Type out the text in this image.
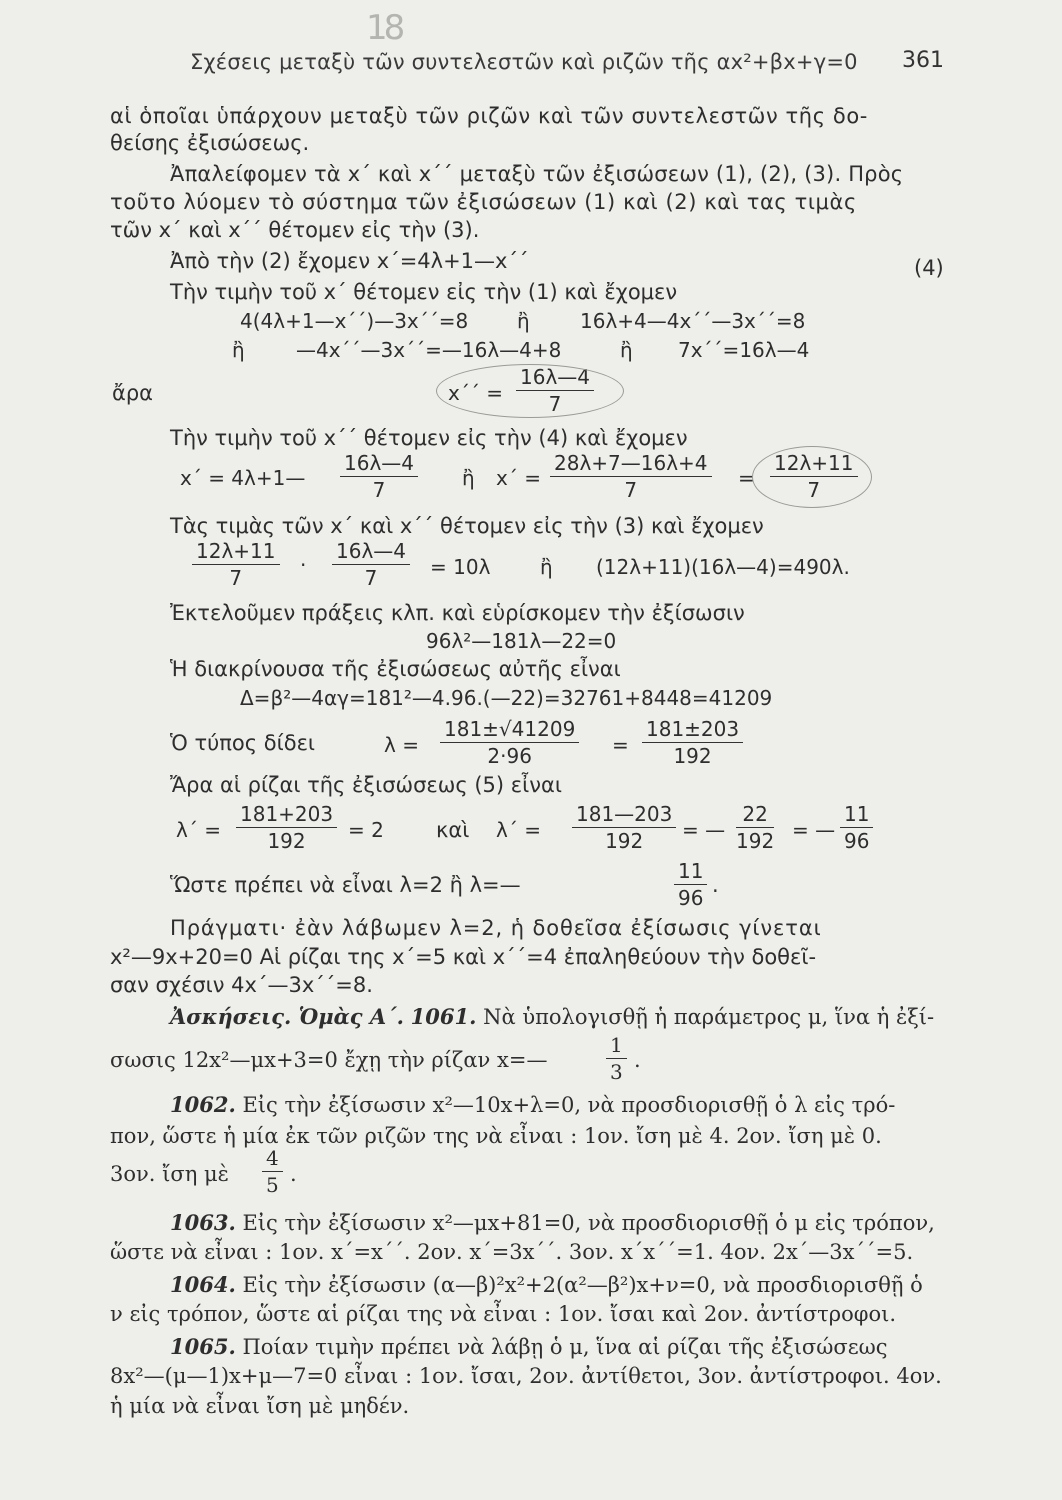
18
Σχέσεις μεταξὺ τῶν συντελεστῶν καὶ ριζῶν τῆς αx²+βx+γ=0 361
αἱ ὁποῖαι ὑπάρχουν μεταξὺ τῶν ριζῶν καὶ τῶν συντελεστῶν τῆς δο-
θείσης ἐξισώσεως.
Ἀπαλείφομεν τὰ x΄ καὶ x΄΄ μεταξὺ τῶν ἐξισώσεων (1), (2), (3). Πρὸς
τοῦτο λύομεν τὸ σύστημα τῶν ἐξισώσεων (1) καὶ (2) καὶ τας τιμὰς
τῶν x΄ καὶ x΄΄ θέτομεν εἰς τὴν (3).
Ἀπὸ τὴν (2) ἔχομεν x΄=4λ+1—x΄΄	(4)
Τὴν τιμὴν τοῦ x΄ θέτομεν εἰς τὴν (1) καὶ ἔχομεν
4(4λ+1—x΄΄)—3x΄΄=8 ἢ	16λ+4—4x΄΄—3x΄΄=8
ἢ	—4x΄΄—3x΄΄=—16λ—4+8	ἢ 7x΄΄=16λ—4
ἄρα	$x΄΄ = \frac{16\lambda—4}{7}$
Τὴν τιμὴν τοῦ x΄΄ θέτομεν εἰς τὴν (4) καὶ ἔχομεν
x΄ = 4λ+1— $\frac{16\lambda—4}{7}$ ἢ $x΄ = \frac{28\lambda+7—16\lambda+4}{7} = \frac{12\lambda+11}{7}$
Τὰς τιμὰς τῶν x΄ καὶ x΄΄ θέτομεν εἰς τὴν (3) καὶ ἔχομεν
$\frac{12\lambda+11}{7} \cdot \frac{16\lambda—4}{7} = 10\lambda$ ἢ (12λ+11)(16λ—4)=490λ.
Ἐκτελοῦμεν πράξεις κλπ. καὶ εὑρίσκομεν τὴν ἐξίσωσιν
96λ²—181λ—22=0
Ἡ διακρίνουσα τῆς ἐξισώσεως αὐτῆς εἶναι
Δ=β²—4αγ=181²—4.96.(—22)=32761+8448=41209
Ὁ τύπος δίδει	$\lambda = \frac{181\pm√41209}{2\cdot 96} = \frac{181\pm 203}{192}$
Ἄρα αἱ ρίζαι τῆς ἐξισώσεως (5) εἶναι
$\lambda΄ = \frac{181+203}{192} = 2$ καὶ $\lambda΄ = \frac{181—203}{192}$ = — $\frac{22}{192}$ = — $\frac{11}{96}$
Ὥστε πρέπει νὰ εἶναι λ=2 ἢ λ=—	$\frac{11}{96}$ .
Πράγματι· ἐὰν λάβωμεν λ=2, ἡ δοθεῖσα ἐξίσωσις γίνεται
x²—9x+20=0 Αἱ ρίζαι της x΄=5 καὶ x΄΄=4 ἐπαληθεύουν τὴν δοθεῖ-
σαν σχέσιν 4x΄—3x΄΄=8.
Ἀσκήσεις. Ὁμὰς Α΄. 1061. Νὰ ὑπολογισθῇ ἡ παράμετρος μ, ἵνα ἡ ἐξί-
σωσις 12x²—μx+3=0 ἔχῃ τὴν ρίζαν x=—	$\frac{1}{3}$ .
1062. Εἰς τὴν ἐξίσωσιν x²—10x+λ=0, νὰ προσδιορισθῇ ὁ λ εἰς τρό-
πον, ὥστε ἡ μία ἐκ τῶν ριζῶν της νὰ εἶναι : 1ον. ἴση μὲ 4. 2ον. ἴση μὲ 0.
3ον. ἴση μὲ $\frac{4}{5}$ .
1063. Εἰς τὴν ἐξίσωσιν x²—μx+81=0, νὰ προσδιορισθῇ ὁ μ εἰς τρόπον,
ὥστε νὰ εἶναι : 1ον. x΄=x΄΄. 2ον. x΄=3x΄΄. 3ον. x΄x΄΄=1. 4ον. 2x΄—3x΄΄=5.
1064. Εἰς τὴν ἐξίσωσιν (α—β)²x²+2(α²—β²)x+ν=0, νὰ προσδιορισθῇ ὁ
ν εἰς τρόπον, ὥστε αἱ ρίζαι της νὰ εἶναι : 1ον. ἴσαι καὶ 2ον. ἀντίστροφοι.
1065. Ποίαν τιμὴν πρέπει νὰ λάβῃ ὁ μ, ἵνα αἱ ρίζαι τῆς ἐξισώσεως
8x²—(μ—1)x+μ—7=0 εἶναι : 1ον. ἴσαι, 2ον. ἀντίθετοι, 3ον. ἀντίστροφοι. 4ον.
ἡ μία νὰ εἶναι ἴση μὲ μηδέν.
